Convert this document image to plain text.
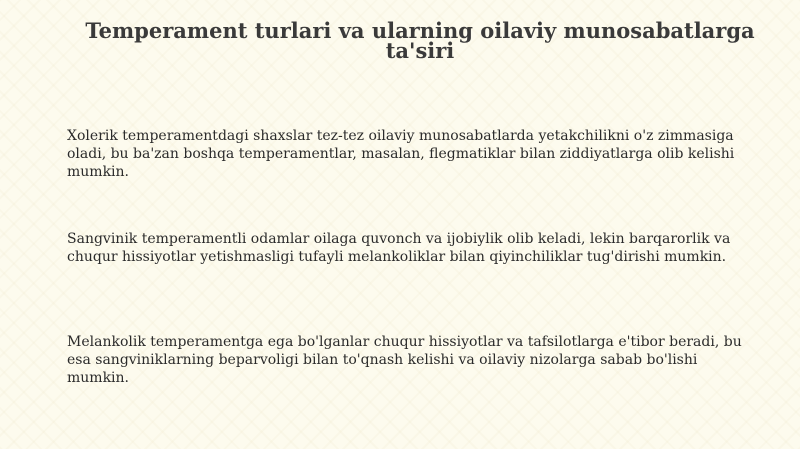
Temperament turlari va ularning oilaviy munosabatlarga ta'siri

Xolerik temperamentdagi shaxslar tez-tez oilaviy munosabatlarda yetakchilikni o'z zimmasiga oladi, bu ba'zan boshqa temperamentlar, masalan, flegmatiklar bilan ziddiyatlarga olib kelishi mumkin.

Sangvinik temperamentli odamlar oilaga quvonch va ijobiylik olib keladi, lekin barqarorlik va chuqur hissiyotlar yetishmasligi tufayli melankoliklar bilan qiyinchiliklar tug'dirishi mumkin.

Melankolik temperamentga ega bo'lganlar chuqur hissiyotlar va tafsilotlarga e'tibor beradi, bu esa sangviniklarning beparvoligi bilan to'qnash kelishi va oilaviy nizolarga sabab bo'lishi mumkin.
